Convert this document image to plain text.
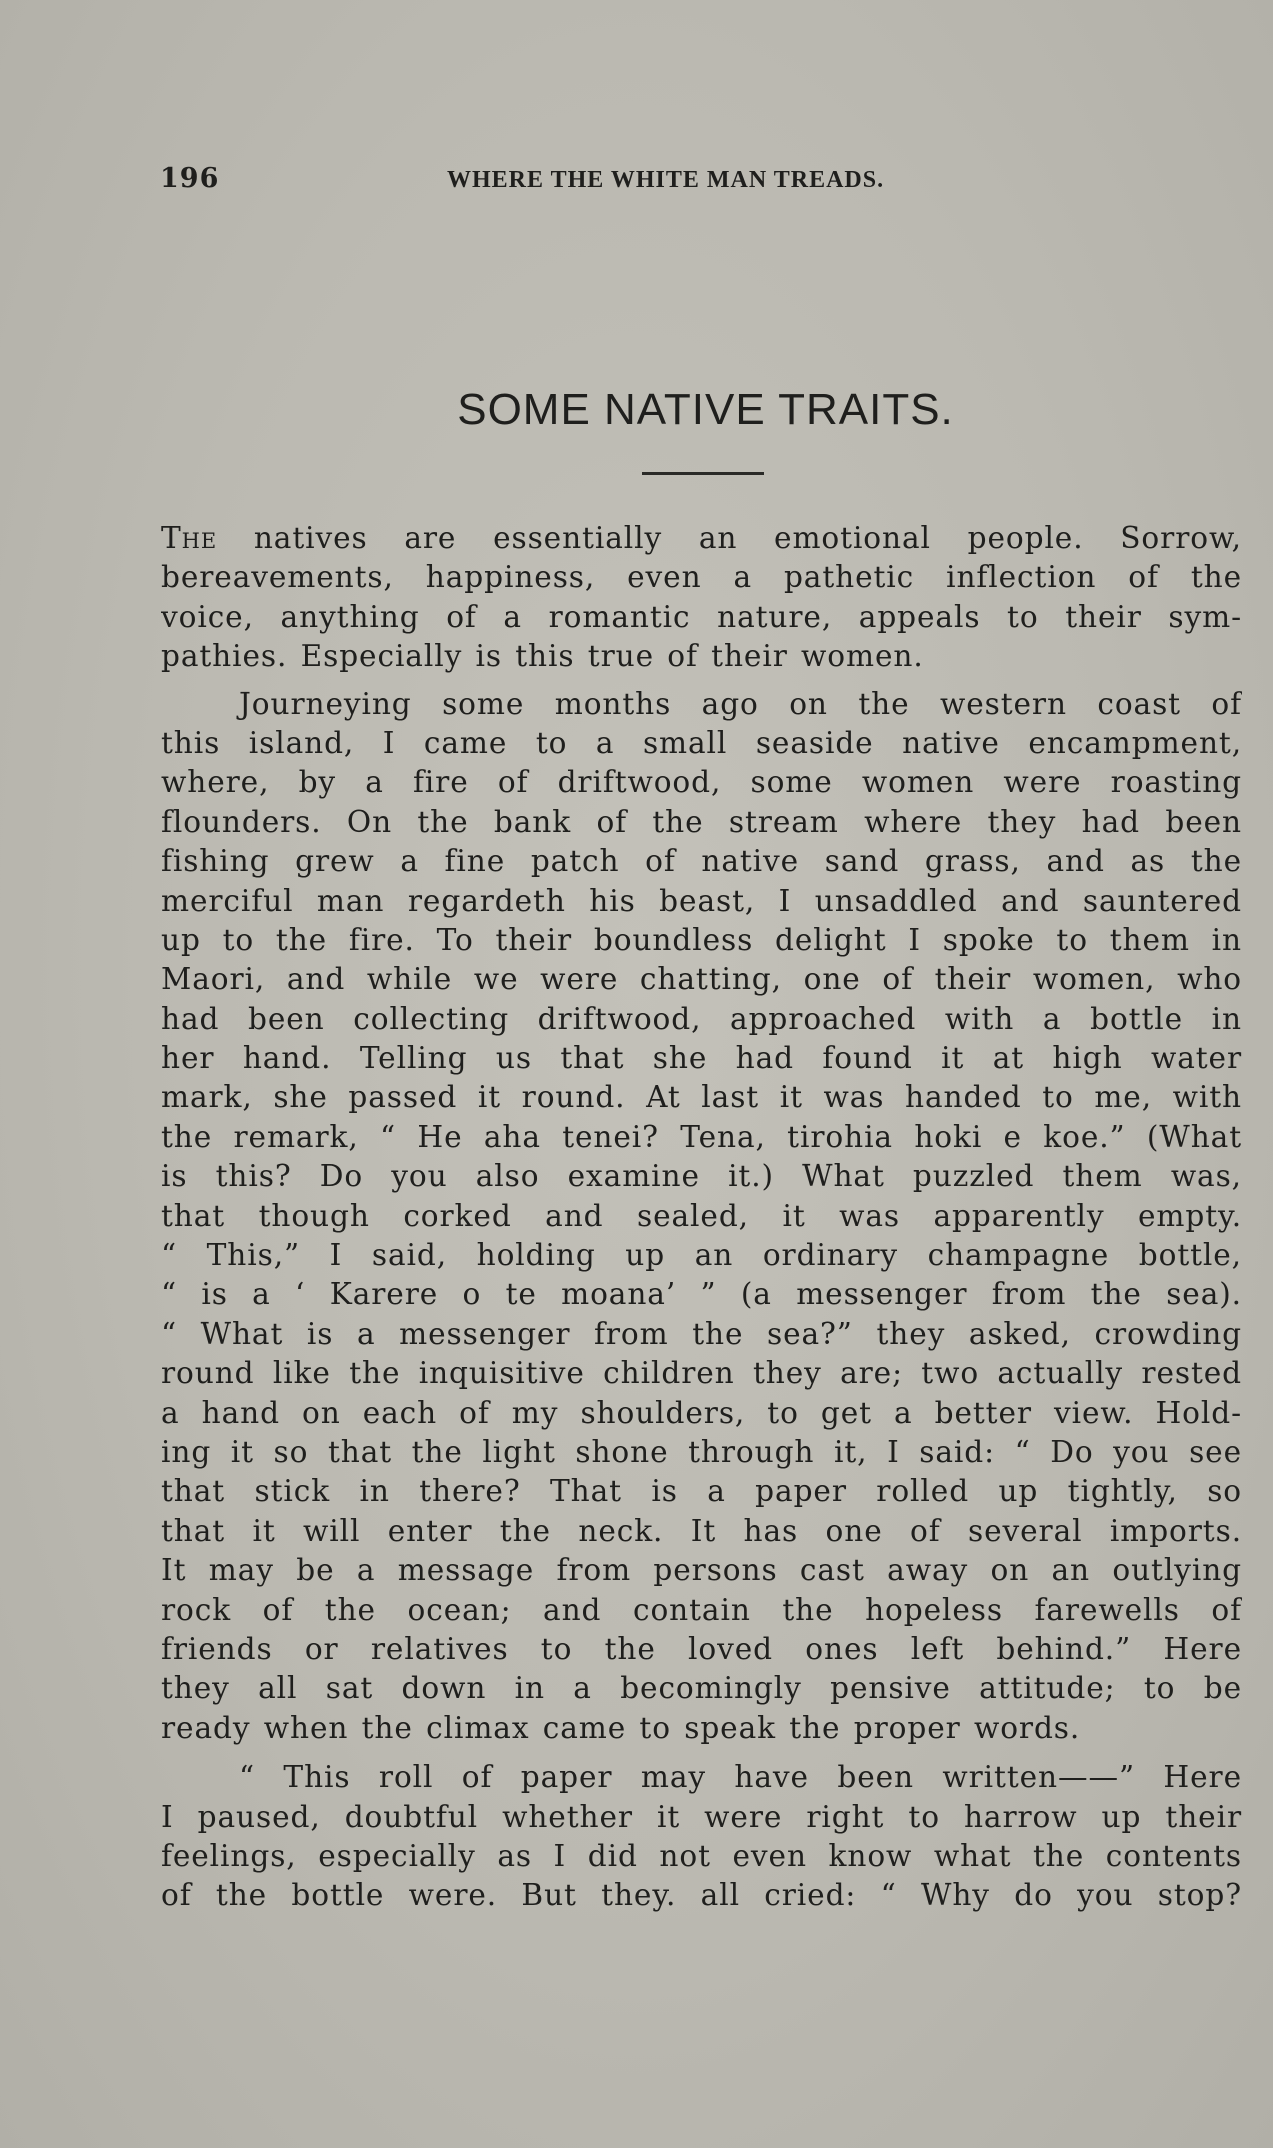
196	WHERE THE WHITE MAN TREADS.
SOME NATIVE TRAITS.

The natives are essentially an emotional people. Sorrow,
bereavements, happiness, even a pathetic inflection of the
voice, anything of a romantic nature, appeals to their sym-
pathies. Especially is this true of their women.

Journeying some months ago on the western coast of
this island, I came to a small seaside native encampment,
where, by a fire of driftwood, some women were roasting
flounders. On the bank of the stream where they had been
fishing grew a fine patch of native sand grass, and as the
merciful man regardeth his beast, I unsaddled and sauntered
up to the fire. To their boundless delight I spoke to them in
Maori, and while we were chatting, one of their women, who
had been collecting driftwood, approached with a bottle in
her hand. Telling us that she had found it at high water
mark, she passed it round. At last it was handed to me, with
the remark, “ He aha tenei? Tena, tirohia hoki e koe.” (What
is this? Do you also examine it.) What puzzled them was,
that though corked and sealed, it was apparently empty.
“ This,” I said, holding up an ordinary champagne bottle,
“ is a ‘ Karere o te moana’ ” (a messenger from the sea).
“ What is a messenger from the sea?” they asked, crowding
round like the inquisitive children they are; two actually rested
a hand on each of my shoulders, to get a better view. Hold-
ing it so that the light shone through it, I said: “ Do you see
that stick in there? That is a paper rolled up tightly, so
that it will enter the neck. It has one of several imports.
It may be a message from persons cast away on an outlying
rock of the ocean; and contain the hopeless farewells of
friends or relatives to the loved ones left behind.” Here
they all sat down in a becomingly pensive attitude; to be
ready when the climax came to speak the proper words.

“ This roll of paper may have been written——” Here
I paused, doubtful whether it were right to harrow up their
feelings, especially as I did not even know what the contents
of the bottle were. But they. all cried: “ Why do you stop?
